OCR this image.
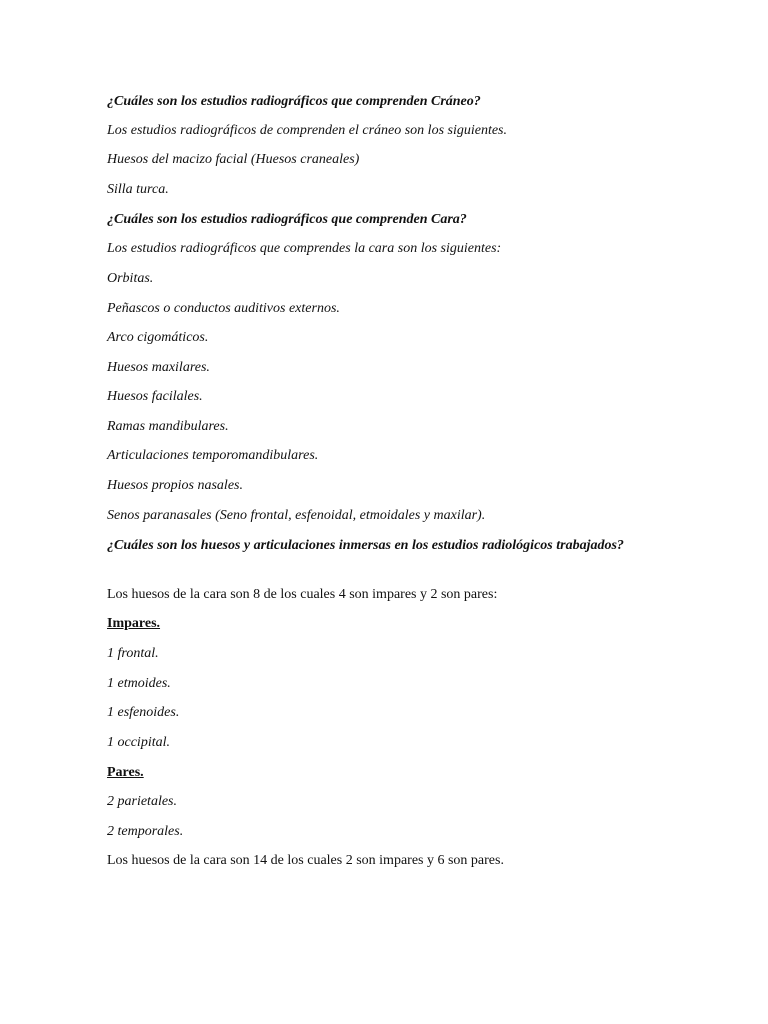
¿Cuáles son los estudios radiográficos que comprenden Cráneo?
Los estudios radiográficos de comprenden el cráneo son los siguientes.
Huesos del macizo facial (Huesos craneales)
Silla turca.
¿Cuáles son los estudios radiográficos que comprenden Cara?
Los estudios radiográficos que comprendes la cara son los siguientes:
Orbitas.
Peñascos o conductos auditivos externos.
Arco cigomáticos.
Huesos maxilares.
Huesos facilales.
Ramas mandibulares.
Articulaciones temporomandibulares.
Huesos propios nasales.
Senos paranasales (Seno frontal, esfenoidal, etmoidales y maxilar).
¿Cuáles son los huesos y articulaciones inmersas en los estudios radiológicos trabajados?
Los huesos de la cara son 8 de los cuales 4 son impares y 2 son pares:
Impares.
1 frontal.
1 etmoides.
1 esfenoides.
1 occipital.
Pares.
2 parietales.
2 temporales.
Los huesos de la cara son 14 de los cuales 2 son impares y 6 son pares.
